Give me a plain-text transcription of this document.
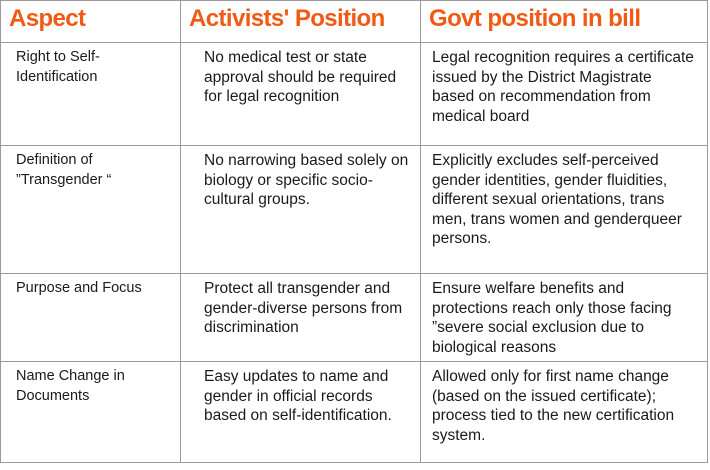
Aspect	Activists' Position	Govt position in bill

Right to Self-Identification	No medical test or state approval should be required for legal recognition	Legal recognition requires a certificate issued by the District Magistrate based on recommendation from medical board

Definition of ”Transgender “	No narrowing based solely on biology or specific socio-cultural groups.	Explicitly excludes self-perceived gender identities, gender fluidities, different sexual orientations, trans men, trans women and genderqueer persons.

Purpose and Focus	Protect all transgender and gender-diverse persons from discrimination	Ensure welfare benefits and protections reach only those facing ”severe social exclusion due to biological reasons

Name Change in Documents	Easy updates to name and gender in official records based on self-identification.	Allowed only for first name change (based on the issued certificate); process tied to the new certification system.
